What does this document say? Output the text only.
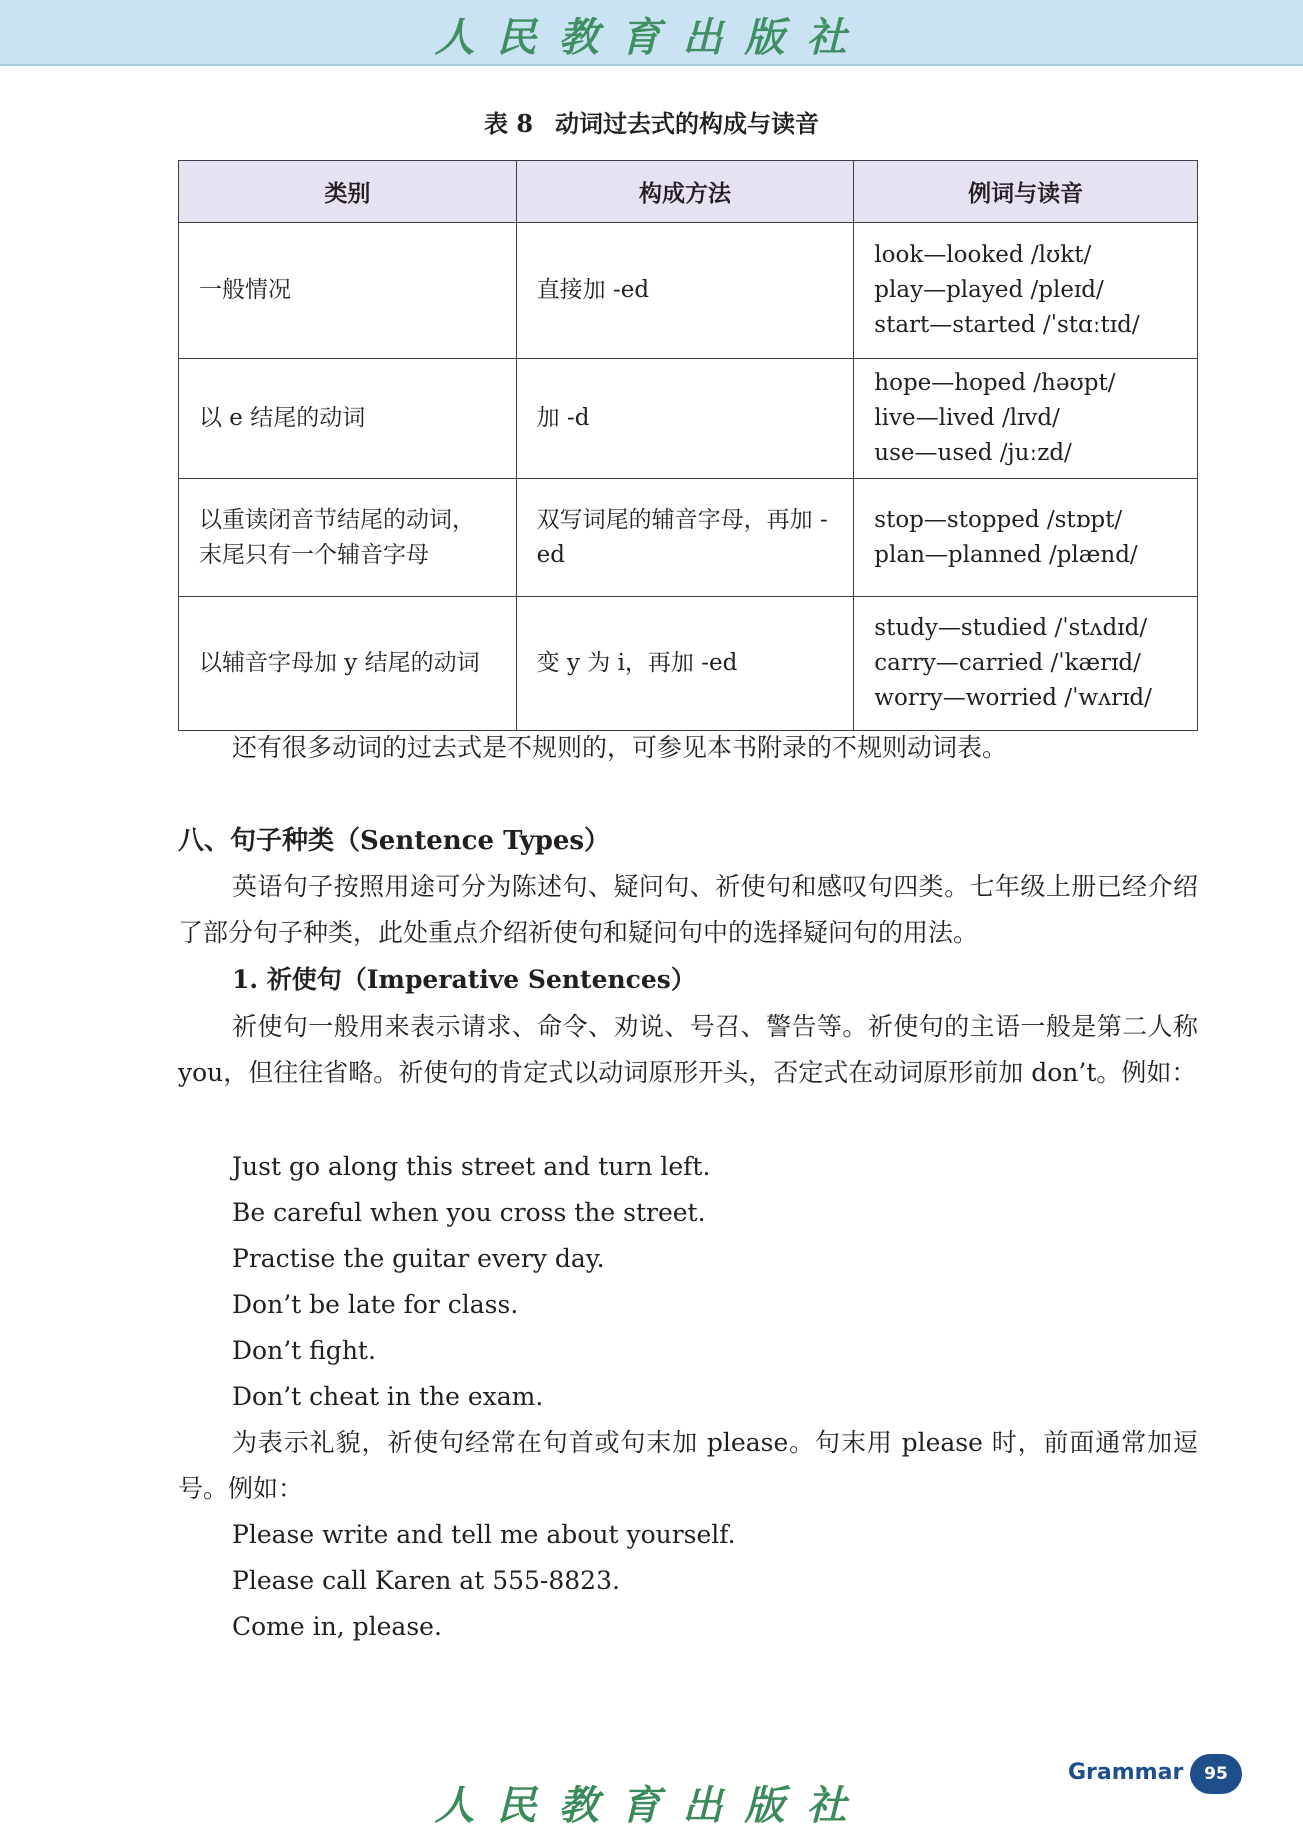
人民教育出版社
表 8 动词过去式的构成与读音
类别	构成方法	例词与读音
一般情况	直接加 -ed	look—looked /lʊkt/
play—played /pleɪd/
start—started /ˈstɑːtɪd/

以 e 结尾的动词	加 -d	hope—hoped /həʊpt/
live—lived /lɪvd/
use—used /juːzd/

以重读闭音节结尾的动词，末尾只有一个辅音字母	双写词尾的辅音字母，再加 -ed	stop—stopped /stɒpt/
plan—planned /plænd/

以辅音字母加 y 结尾的动词	变 y 为 i，再加 -ed	study—studied /ˈstʌdɪd/
carry—carried /ˈkærɪd/
worry—worried /ˈwʌrɪd/
还有很多动词的过去式是不规则的，可参见本书附录的不规则动词表。
八、句子种类（Sentence Types）
英语句子按照用途可分为陈述句、疑问句、祈使句和感叹句四类。七年级上册已经介绍了部分句子种类，此处重点介绍祈使句和疑问句中的选择疑问句的用法。
1. 祈使句（Imperative Sentences）
祈使句一般用来表示请求、命令、劝说、号召、警告等。祈使句的主语一般是第二人称 you，但往往省略。祈使句的肯定式以动词原形开头，否定式在动词原形前加 don’t。例如：
Just go along this street and turn left.
Be careful when you cross the street.
Practise the guitar every day.
Don’t be late for class.
Don’t fight.
Don’t cheat in the exam.
为表示礼貌，祈使句经常在句首或句末加 please。句末用 please 时，前面通常加逗号。例如：
Please write and tell me about yourself.
Please call Karen at 555-8823.
Come in, please.
Grammar	95
人民教育出版社
